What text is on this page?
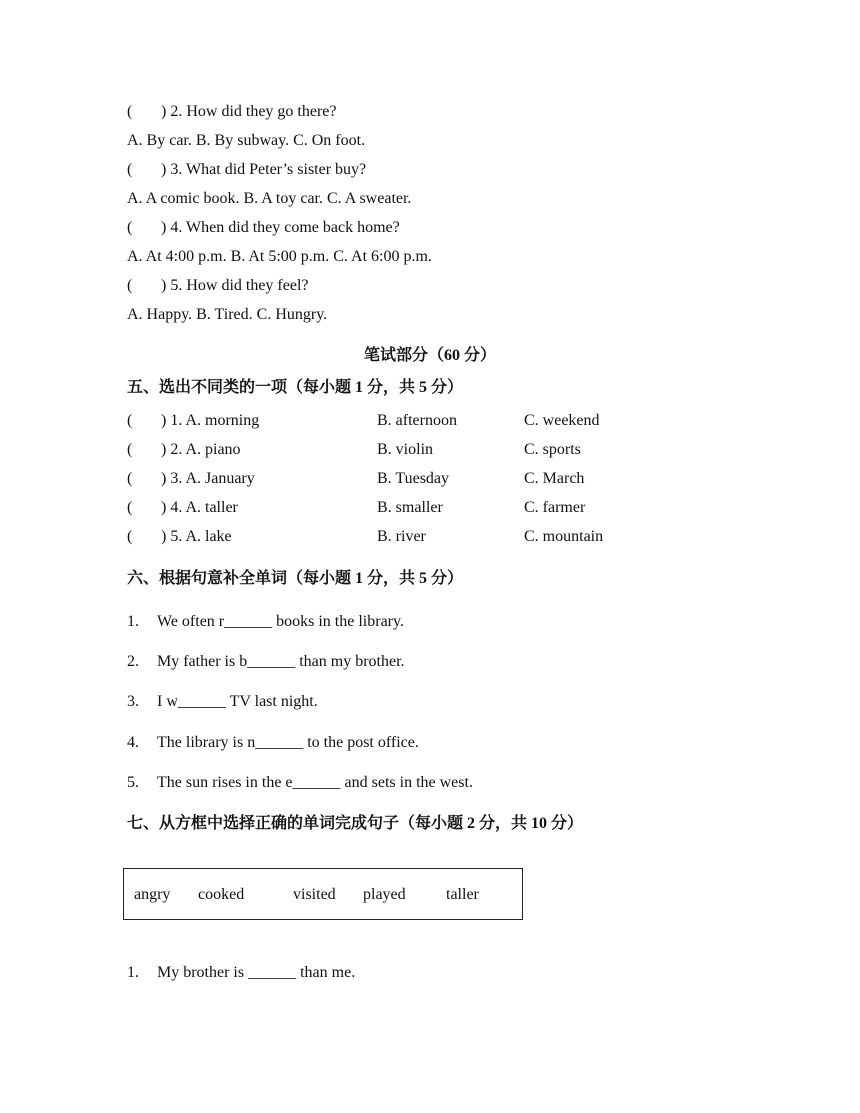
( ) 2. How did they go there?
A. By car. B. By subway. C. On foot.
( ) 3. What did Peter’s sister buy?
A. A comic book. B. A toy car. C. A sweater.
( ) 4. When did they come back home?
A. At 4:00 p.m. B. At 5:00 p.m. C. At 6:00 p.m.
( ) 5. How did they feel?
A. Happy. B. Tired. C. Hungry.
笔试部分（60 分）
五、选出不同类的一项（每小题 1 分，共 5 分）
( ) 1. A. morning	B. afternoon	C. weekend
( ) 2. A. piano	B. violin	C. sports
( ) 3. A. January	B. Tuesday	C. March
( ) 4. A. taller	B. smaller	C. farmer
( ) 5. A. lake	B. river	C. mountain
六、根据句意补全单词（每小题 1 分，共 5 分）
1. We often r______ books in the library.
2. My father is b______ than my brother.
3. I w______ TV last night.
4. The library is n______ to the post office.
5. The sun rises in the e______ and sets in the west.
七、从方框中选择正确的单词完成句子（每小题 2 分，共 10 分）
angry cooked	visited played	taller
1. My brother is ______ than me.
